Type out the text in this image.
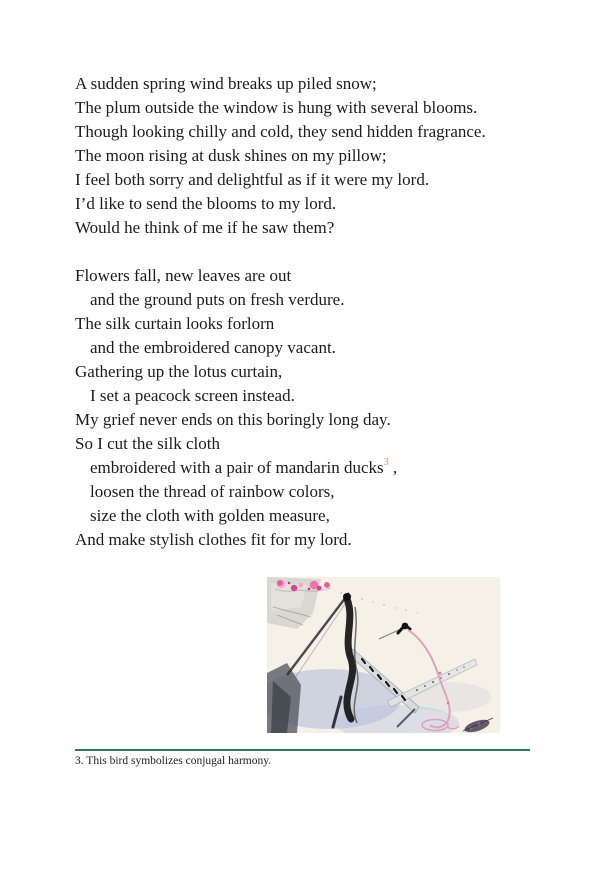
A sudden spring wind breaks up piled snow;
The plum outside the window is hung with several blooms.
Though looking chilly and cold, they send hidden fragrance.
The moon rising at dusk shines on my pillow;
I feel both sorry and delightful as if it were my lord.
I’d like to send the blooms to my lord.
Would he think of me if he saw them?
Flowers fall, new leaves are out
and the ground puts on fresh verdure.
The silk curtain looks forlorn
and the embroidered canopy vacant.
Gathering up the lotus curtain,
I set a peacock screen instead.
My grief never ends on this boringly long day.
So I cut the silk cloth
embroidered with a pair of mandarin ducks$^3$ ,
loosen the thread of rainbow colors,
size the cloth with golden measure,
And make stylish clothes fit for my lord.
3. This bird symbolizes conjugal harmony.
